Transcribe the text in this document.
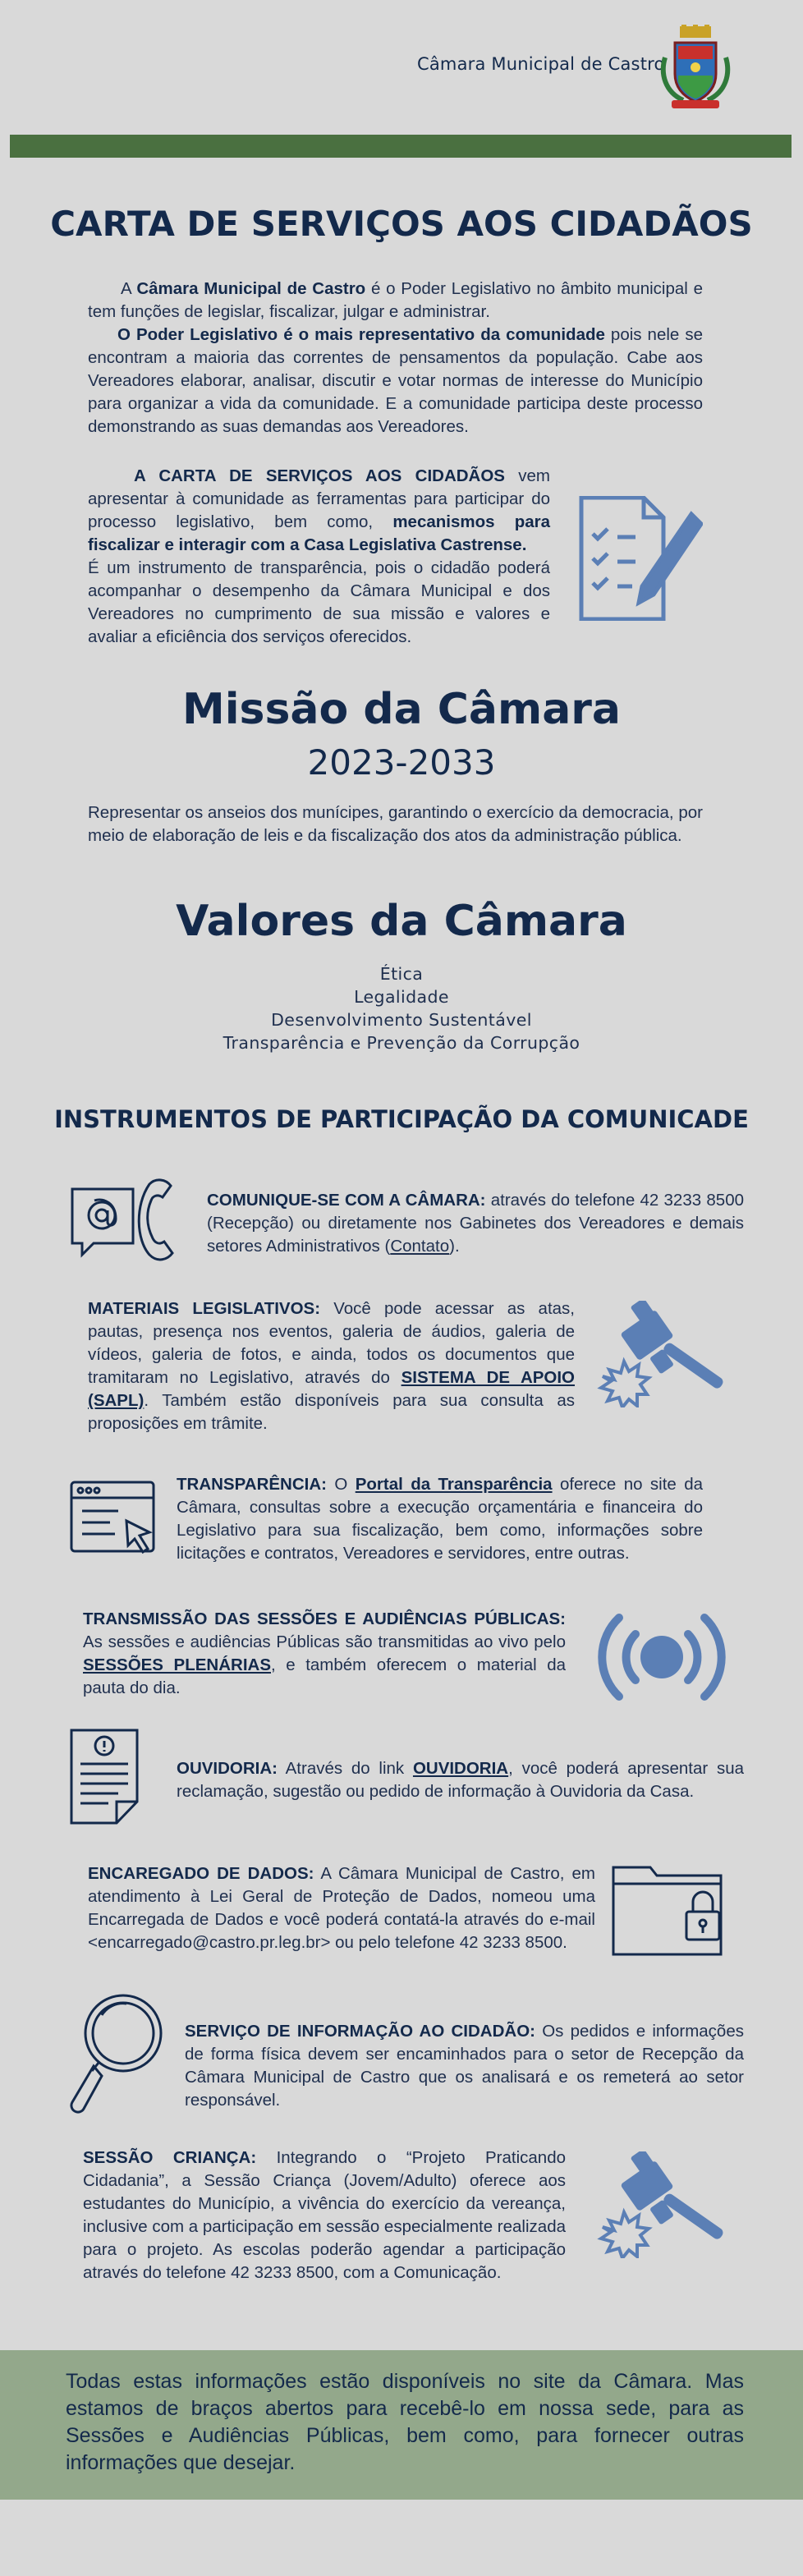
Câmara Municipal de Castro
CARTA DE SERVIÇOS AOS CIDADÃOS

A Câmara Municipal de Castro é o Poder Legislativo no âmbito municipal e tem funções de legislar, fiscalizar, julgar e administrar.

O Poder Legislativo é o mais representativo da comunidade pois nele se encontram a maioria das correntes de pensamentos da população. Cabe aos Vereadores elaborar, analisar, discutir e votar normas de interesse do Município para organizar a vida da comunidade. E a comunidade participa deste processo demonstrando as suas demandas aos Vereadores.

A CARTA DE SERVIÇOS AOS CIDADÃOS vem apresentar à comunidade as ferramentas para participar do processo legislativo, bem como, mecanismos para fiscalizar e interagir com a Casa Legislativa Castrense.

É um instrumento de transparência, pois o cidadão poderá acompanhar o desempenho da Câmara Municipal e dos Vereadores no cumprimento de sua missão e valores e avaliar a eficiência dos serviços oferecidos.

Missão da Câmara
2023-2033

Representar os anseios dos munícipes, garantindo o exercício da democracia, por meio de elaboração de leis e da fiscalização dos atos da administração pública.

Valores da Câmara
Ética
Legalidade
Desenvolvimento Sustentável
Transparência e Prevenção da Corrupção
INSTRUMENTOS DE PARTICIPAÇÃO DA COMUNICADE

COMUNIQUE-SE COM A CÂMARA: através do telefone 42 3233 8500 (Recepção) ou diretamente nos Gabinetes dos Vereadores e demais setores Administrativos (Contato).

MATERIAIS LEGISLATIVOS: Você pode acessar as atas, pautas, presença nos eventos, galeria de áudios, galeria de vídeos, galeria de fotos, e ainda, todos os documentos que tramitaram no Legislativo, através do SISTEMA DE APOIO (SAPL). Também estão disponíveis para sua consulta as proposições em trâmite.

TRANSPARÊNCIA: O Portal da Transparência oferece no site da Câmara, consultas sobre a execução orçamentária e financeira do Legislativo para sua fiscalização, bem como, informações sobre licitações e contratos, Vereadores e servidores, entre outras.

TRANSMISSÃO DAS SESSÕES E AUDIÊNCIAS PÚBLICAS: As sessões e audiências Públicas são transmitidas ao vivo pelo SESSÕES PLENÁRIAS, e também oferecem o material da pauta do dia.

OUVIDORIA: Através do link OUVIDORIA, você poderá apresentar sua reclamação, sugestão ou pedido de informação à Ouvidoria da Casa.

ENCAREGADO DE DADOS: A Câmara Municipal de Castro, em atendimento à Lei Geral de Proteção de Dados, nomeou uma Encarregada de Dados e você poderá contatá-la através do e-mail <encarregado@castro.pr.leg.br> ou pelo telefone 42 3233 8500.

SERVIÇO DE INFORMAÇÃO AO CIDADÃO: Os pedidos e informações de forma física devem ser encaminhados para o setor de Recepção da Câmara Municipal de Castro que os analisará e os remeterá ao setor responsável.

SESSÃO CRIANÇA: Integrando o “Projeto Praticando Cidadania”, a Sessão Criança (Jovem/Adulto) oferece aos estudantes do Município, a vivência do exercício da vereança, inclusive com a participação em sessão especialmente realizada para o projeto. As escolas poderão agendar a participação através do telefone 42 3233 8500, com a Comunicação.

Todas estas informações estão disponíveis no site da Câmara. Mas estamos de braços abertos para recebê-lo em nossa sede, para as Sessões e Audiências Públicas, bem como, para fornecer outras informações que desejar.
